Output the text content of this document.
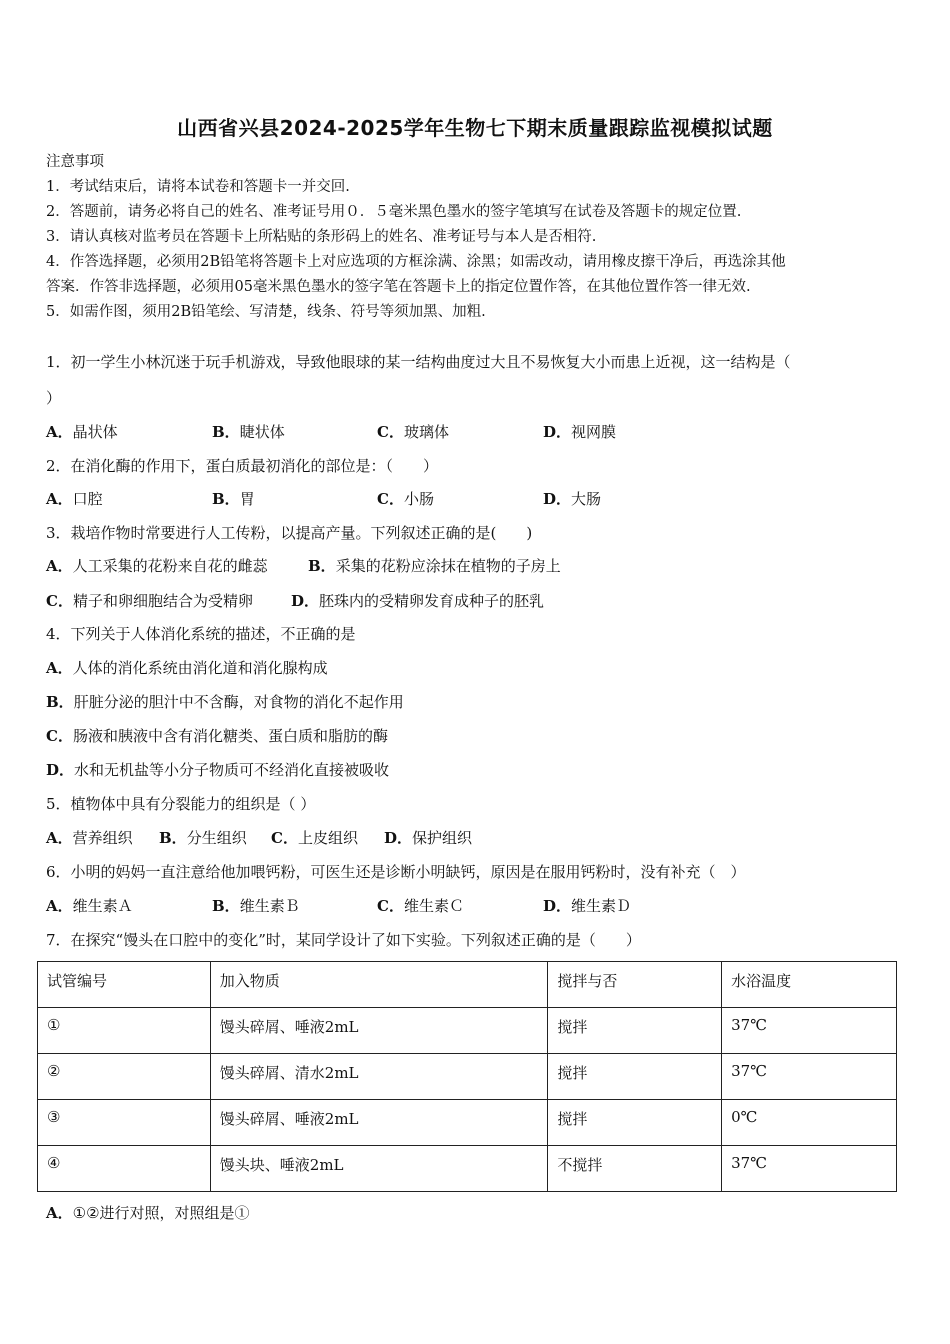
山西省兴县2024-2025学年生物七下期末质量跟踪监视模拟试题
注意事项
1．考试结束后，请将本试卷和答题卡一并交回.
2．答题前，请务必将自己的姓名、准考证号用０．５毫米黑色墨水的签字笔填写在试卷及答题卡的规定位置.
3．请认真核对监考员在答题卡上所粘贴的条形码上的姓名、准考证号与本人是否相符.
4．作答选择题，必须用2B铅笔将答题卡上对应选项的方框涂满、涂黑；如需改动，请用橡皮擦干净后，再选涂其他
答案．作答非选择题，必须用05毫米黑色墨水的签字笔在答题卡上的指定位置作答，在其他位置作答一律无效.
5．如需作图，须用2B铅笔绘、写清楚，线条、符号等须加黑、加粗.
1．初一学生小林沉迷于玩手机游戏，导致他眼球的某一结构曲度过大且不易恢复大小而患上近视，这一结构是（
）
A．晶状体	B．睫状体	C．玻璃体	D．视网膜
2．在消化酶的作用下，蛋白质最初消化的部位是：（　　）
A．口腔	B．胃	C．小肠	D．大肠
3．栽培作物时常要进行人工传粉，以提高产量。下列叙述正确的是(　　)
A．人工采集的花粉来自花的雌蕊	B．采集的花粉应涂抹在植物的子房上
C．精子和卵细胞结合为受精卵	D．胚珠内的受精卵发育成种子的胚乳
4．下列关于人体消化系统的描述，不正确的是
A．人体的消化系统由消化道和消化腺构成
B．肝脏分泌的胆汁中不含酶，对食物的消化不起作用
C．肠液和胰液中含有消化糖类、蛋白质和脂肪的酶
D．水和无机盐等小分子物质可不经消化直接被吸收
5．植物体中具有分裂能力的组织是（ ）
A．营养组织 B．分生组织 C．上皮组织 D．保护组织
6．小明的妈妈一直注意给他加喂钙粉，可医生还是诊断小明缺钙，原因是在服用钙粉时，没有补充（　）
A．维生素Ａ	B．维生素Ｂ	C．维生素Ｃ	D．维生素Ｄ
7．在探究“馒头在口腔中的变化”时，某同学设计了如下实验。下列叙述正确的是（　　）
试管编号	加入物质	搅拌与否	水浴温度
①	馒头碎屑、唾液2mL	搅拌	37℃
②	馒头碎屑、清水2mL	搅拌	37℃
③	馒头碎屑、唾液2mL	搅拌	0℃
④	馒头块、唾液2mL	不搅拌	37℃
A．①②进行对照，对照组是①
